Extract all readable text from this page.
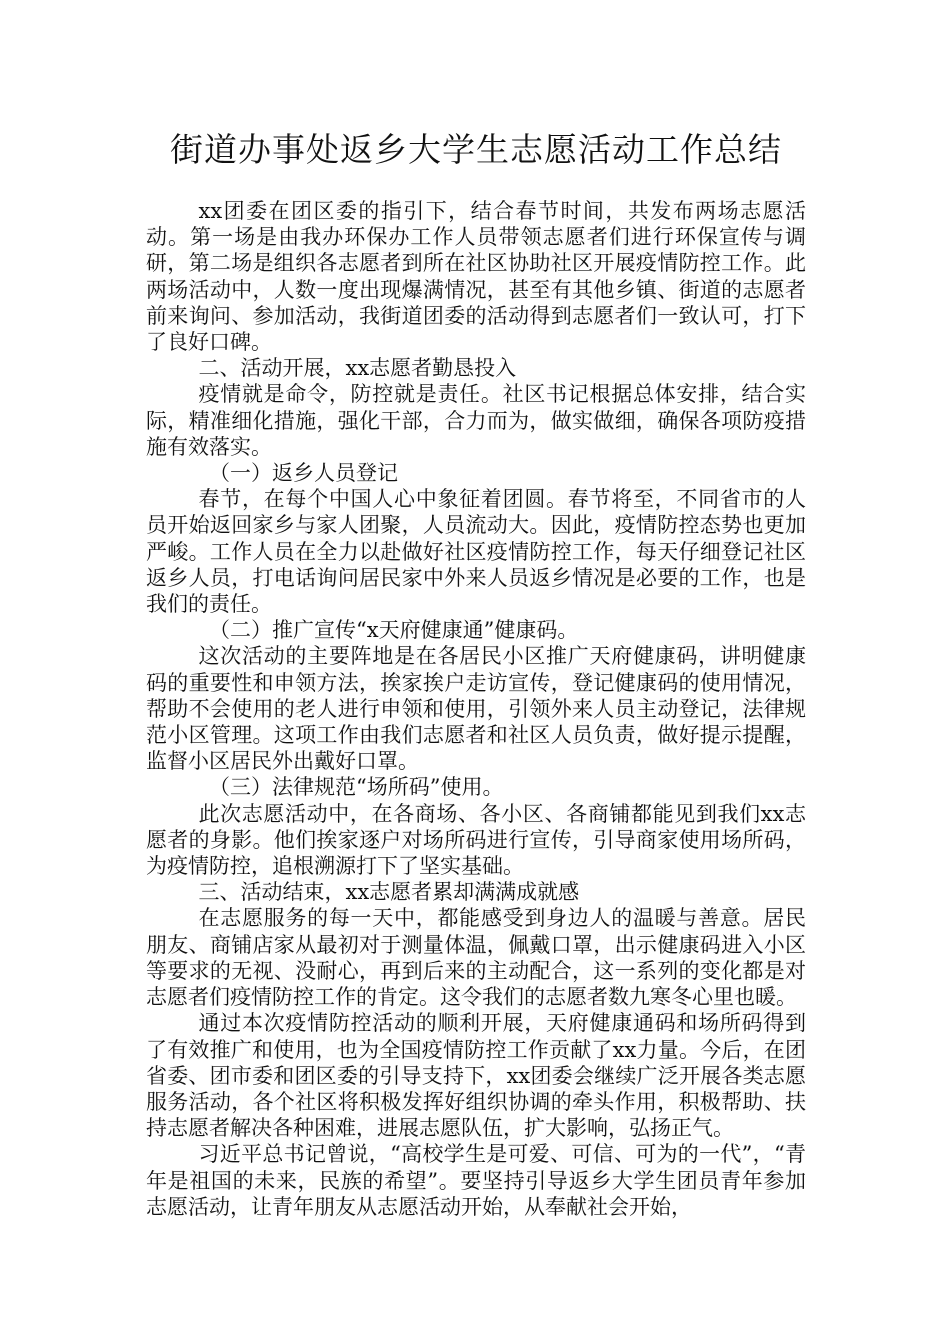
街道办事处返乡大学生志愿活动工作总结

xx团委在团区委的指引下，结合春节时间，共发布两场志愿活动。第一场是由我办环保办工作人员带领志愿者们进行环保宣传与调研，第二场是组织各志愿者到所在社区协助社区开展疫情防控工作。此两场活动中，人数一度出现爆满情况，甚至有其他乡镇、街道的志愿者前来询问、参加活动，我街道团委的活动得到志愿者们一致认可，打下了良好口碑。

二、活动开展，xx志愿者勤恳投入

疫情就是命令，防控就是责任。社区书记根据总体安排，结合实际，精准细化措施，强化干部，合力而为，做实做细，确保各项防疫措施有效落实。

（一）返乡人员登记

春节，在每个中国人心中象征着团圆。春节将至，不同省市的人员开始返回家乡与家人团聚，人员流动大。因此，疫情防控态势也更加严峻。工作人员在全力以赴做好社区疫情防控工作，每天仔细登记社区返乡人员，打电话询问居民家中外来人员返乡情况是必要的工作，也是我们的责任。

（二）推广宣传“x天府健康通”健康码。

这次活动的主要阵地是在各居民小区推广天府健康码，讲明健康码的重要性和申领方法，挨家挨户走访宣传，登记健康码的使用情况，帮助不会使用的老人进行申领和使用，引领外来人员主动登记，法律规范小区管理。这项工作由我们志愿者和社区人员负责，做好提示提醒，监督小区居民外出戴好口罩。

（三）法律规范“场所码”使用。

此次志愿活动中，在各商场、各小区、各商铺都能见到我们xx志愿者的身影。他们挨家逐户对场所码进行宣传，引导商家使用场所码，为疫情防控，追根溯源打下了坚实基础。

三、活动结束，xx志愿者累却满满成就感

在志愿服务的每一天中，都能感受到身边人的温暖与善意。居民朋友、商铺店家从最初对于测量体温，佩戴口罩，出示健康码进入小区等要求的无视、没耐心，再到后来的主动配合，这一系列的变化都是对志愿者们疫情防控工作的肯定。这令我们的志愿者数九寒冬心里也暖。

通过本次疫情防控活动的顺利开展，天府健康通码和场所码得到了有效推广和使用，也为全国疫情防控工作贡献了xx力量。今后，在团省委、团市委和团区委的引导支持下，xx团委会继续广泛开展各类志愿服务活动，各个社区将积极发挥好组织协调的牵头作用，积极帮助、扶持志愿者解决各种困难，进展志愿队伍，扩大影响，弘扬正气。

习近平总书记曾说，“高校学生是可爱、可信、可为的一代”，“青年是祖国的未来，民族的希望”。要坚持引导返乡大学生团员青年参加志愿活动，让青年朋友从志愿活动开始，从奉献社会开始，
